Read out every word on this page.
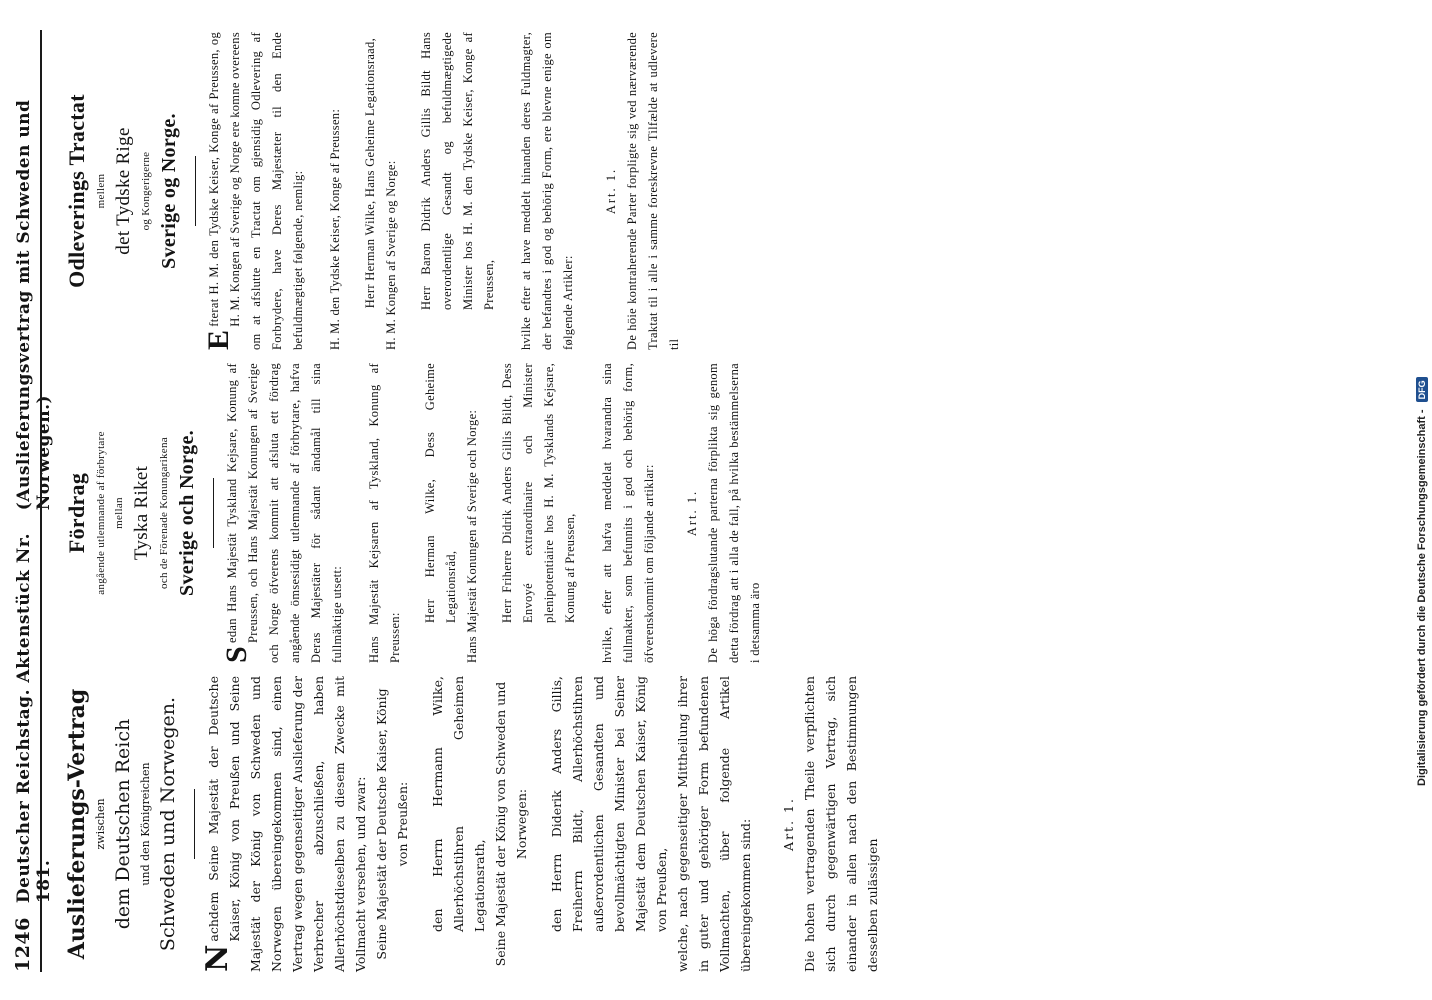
1246
Deutscher Reichstag. Aktenstück Nr. 181.
(Auslieferungsvertrag mit Schweden und Norwegen.)
Auslieferungs-Vertrag zwischen dem Deutschen Reich und den Königreichen Schweden und Norwegen.

Nachdem Seine Majestät der Deutsche Kaiser, König von Preußen und Seine Majestät der König von Schweden und Norwegen übereingekommen sind, einen Vertrag wegen gegenseitiger Auslieferung der Verbrecher abzuschließen, haben Allerhöchstdieselben zu diesem Zwecke mit Vollmacht versehen, und zwar: Seine Majestät der Deutsche Kaiser, König von Preußen: den Herrn Hermann Wilke, Allerhöchstihren Geheimen Legationsrath, Seine Majestät der König von Schweden und Norwegen: den Herrn Diderik Anders Gillis, Freiherrn Bildt, Allerhöchstihren außerordentlichen Gesandten und bevollmächtigten Minister bei Seiner Majestät dem Deutschen Kaiser, König von Preußen, welche, nach gegenseitiger Mittheilung ihrer in guter und gehöriger Form befundenen Vollmachten, über folgende Artikel übereingekommen sind: Art. 1. Die hohen vertragenden Theile verpflichten sich durch gegenwärtigen Vertrag, sich einander in allen nach den Bestimmungen desselben zulässigen

Fördrag angående utlemnande af förbrytare mellan Tyska Riket och de Förenade Konungarikena Sverige och Norge.

Sedan Hans Majestät Tyskland Kejsare, Konung af Preussen, och Hans Majestät Konungen af Sverige och Norge öfverens kommit att afsluta ett fördrag angående ömsesidigt utlemnande af förbrytare, hafva Deras Majestäter för sådant ändamål till sina fullmäktige utsett:	Hans Majestät Kejsaren af Tyskland, Konung af Preussen:

Herr Herman Wilke, Dess Geheime Legationsråd, Hans Majestät Konungen af Sverige och Norge:	Herr Friherre Didrik Anders Gillis Bildt, Dess Envoyé extraordinaire och Minister plenipotentiaire hos H. M. Tysklands Kejsare, Konung af Preussen,	hvilke, efter att hafva meddelat hvarandra sina fullmakter, som befunnits i god och behörig form, öfverenskommit om följande artiklar:	Art. 1. De höga fördragslutande parterna förplikta sig genom detta fördrag att i alla de fall, på hvilka bestämmelserna i detsamma äro

Odleverings Tractat mellem det Tydske Rige og Kongerigerne Sverige og Norge.

Efterat H. M. den Tydske Keiser, Konge af Preussen, og H. M. Kongen af Sverige og Norge ere komne overeens om at afslutte en Tractat om gjensidig Odlevering af Forbrydere, have Deres Majestæter til den Ende befuldmægtiget følgende, nemlig:	H. M. den Tydske Keiser, Konge af Preussen:	Herr Herman Wilke, Hans Geheime Legationsraad, H. M. Kongen af Sverige og Norge:	Herr Baron Didrik Anders Gillis Bildt Hans overordentlige Gesandt og befuldmægtigede Minister hos H. M. den Tydske Keiser, Konge af Preussen,	hvilke efter at have meddelt hinanden deres Fuldmagter, der befandtes i god og behörig Form, ere blevne enige om følgende Artikler:

Art. 1. De höie kontraherende Parter forpligte sig ved nærværende Traktat til i alle i samme foreskrevne Tilfælde at udlevere til

Digitalisierung gefördert durch die Deutsche Forschungsgemeinschaft - DFG
